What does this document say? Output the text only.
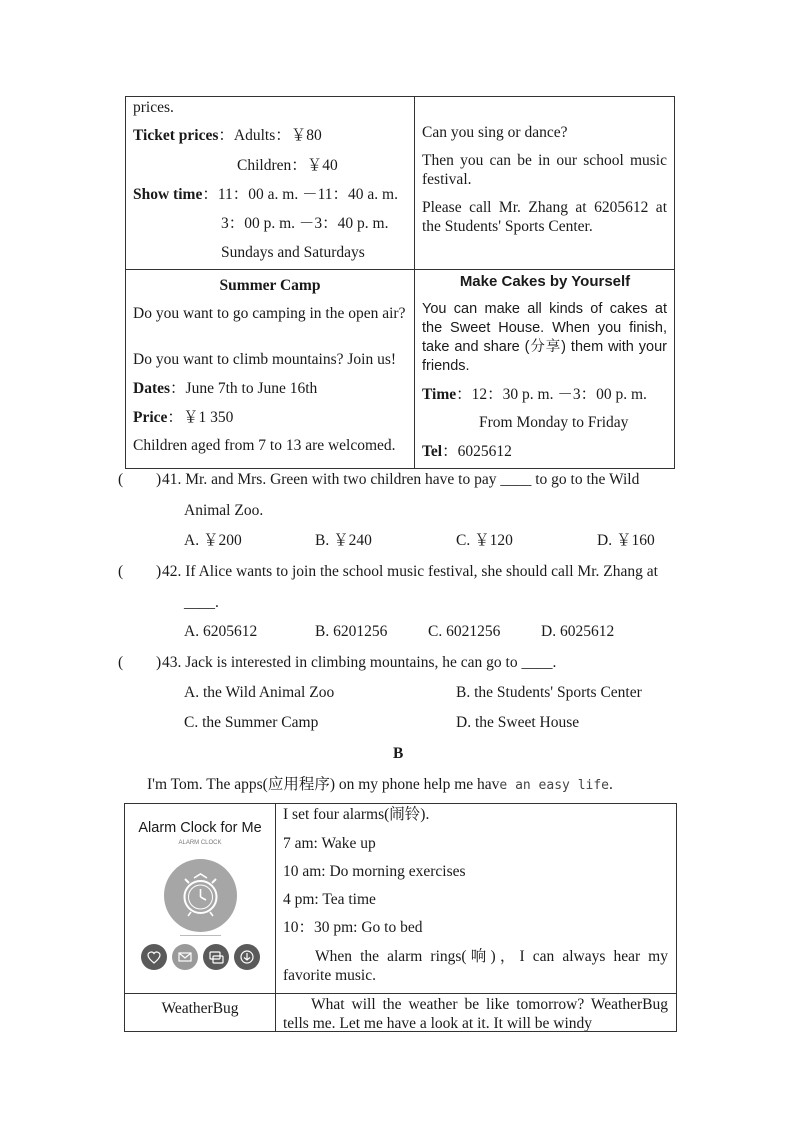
prices.
Ticket prices：Adults：￥80
Children：￥40
Show time：11：00 a. m. －11：40 a. m.
3：00 p. m. －3：40 p. m.
Sundays and Saturdays
Can you sing or dance?
Then you can be in our school music festival.
Please call Mr. Zhang at 6205612 at the Students' Sports Center.
Summer Camp
Do you want to go camping in the open air?
Do you want to climb mountains? Join us!
Dates：June 7th to June 16th
Price：￥1 350
Children aged from 7 to 13 are welcomed.
Make Cakes by Yourself
You can make all kinds of cakes at the Sweet House. When you finish, take and share (分享) them with your friends.
Time：12：30 p. m. －3：00 p. m.
From Monday to Friday
Tel：6025612
( ) 41. Mr. and Mrs. Green with two children have to pay ____ to go to the Wild
Animal Zoo.
A. ￥200	B. ￥240	C. ￥120	D. ￥160
( ) 42. If Alice wants to join the school music festival, she should call Mr. Zhang at
____.
A. 6205612	B. 6201256	C. 6021256	D. 6025612
( ) 43. Jack is interested in climbing mountains, he can go to ____.
A. the Wild Animal Zoo	B. the Students' Sports Center
C. the Summer Camp	D. the Sweet House
B
I'm Tom. The apps(应用程序) on my phone help me have an easy life.
Alarm Clock for Me
ALARM CLOCK
I set four alarms(闹铃).
7 am: Wake up
10 am: Do morning exercises
4 pm: Tea time
10：30 pm: Go to bed
When the alarm rings(响)，I can always hear my favorite music.
WeatherBug	What will the weather be like tomorrow? WeatherBug tells me. Let me have a look at it. It will be windy
